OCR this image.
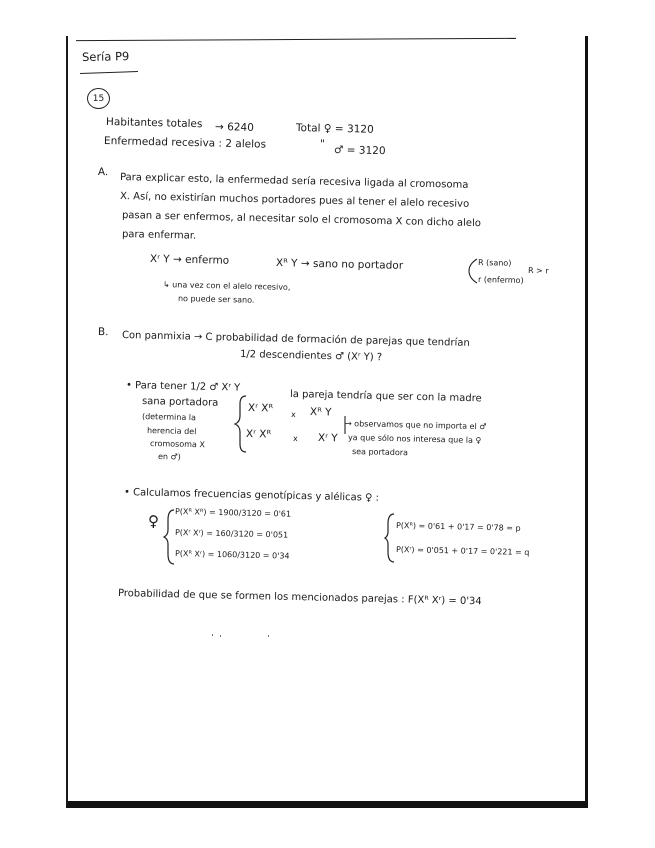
Sería P9
15
Habitantes totales → 6240	Total ♀ = 3120
Enfermedad recesiva : 2 alelos	" ♂ = 3120
A. Para explicar esto, la enfermedad sería recesiva ligada al cromosoma
X. Así, no existirían muchos portadores pues al tener el alelo recesivo
pasan a ser enfermos, al necesitar solo el cromosoma X con dicho alelo
para enfermar.
Xʳ Y → enfermo	Xᴿ Y → sano no portador	R (sano)
r (enfermo)
R > r
↳ una vez con el alelo recesivo,
no puede ser sano.
B. Con panmixia → C probabilidad de formación de parejas que tendrían
1/2 descendientes ♂ (Xʳ Y) ?
• Para tener 1/2 ♂ Xʳ Y
sana portadora
(determina la
herencia del
cromosoma X
en ♂)
Xʳ Xᴿ x Xᴿ Y
Xʳ Xᴿ	x Xʳ Y
la pareja tendría que ser con la madre
→ observamos que no importa el ♂
ya que sólo nos interesa que la ♀
sea portadora
• Calculamos frecuencias genotípicas y alélicas ♀ :
♀ P(Xᴿ Xᴿ) = 1900/3120 = 0'61
P(Xʳ Xʳ) = 160/3120 = 0'051
P(Xᴿ Xʳ) = 1060/3120 = 0'34
P(Xᴿ) = 0'61 + 0'17 = 0'78 = p
P(Xʳ) = 0'051 + 0'17 = 0'221 = q
Probabilidad de que se formen los mencionados parejas : F(Xᴿ Xʳ) = 0'34
